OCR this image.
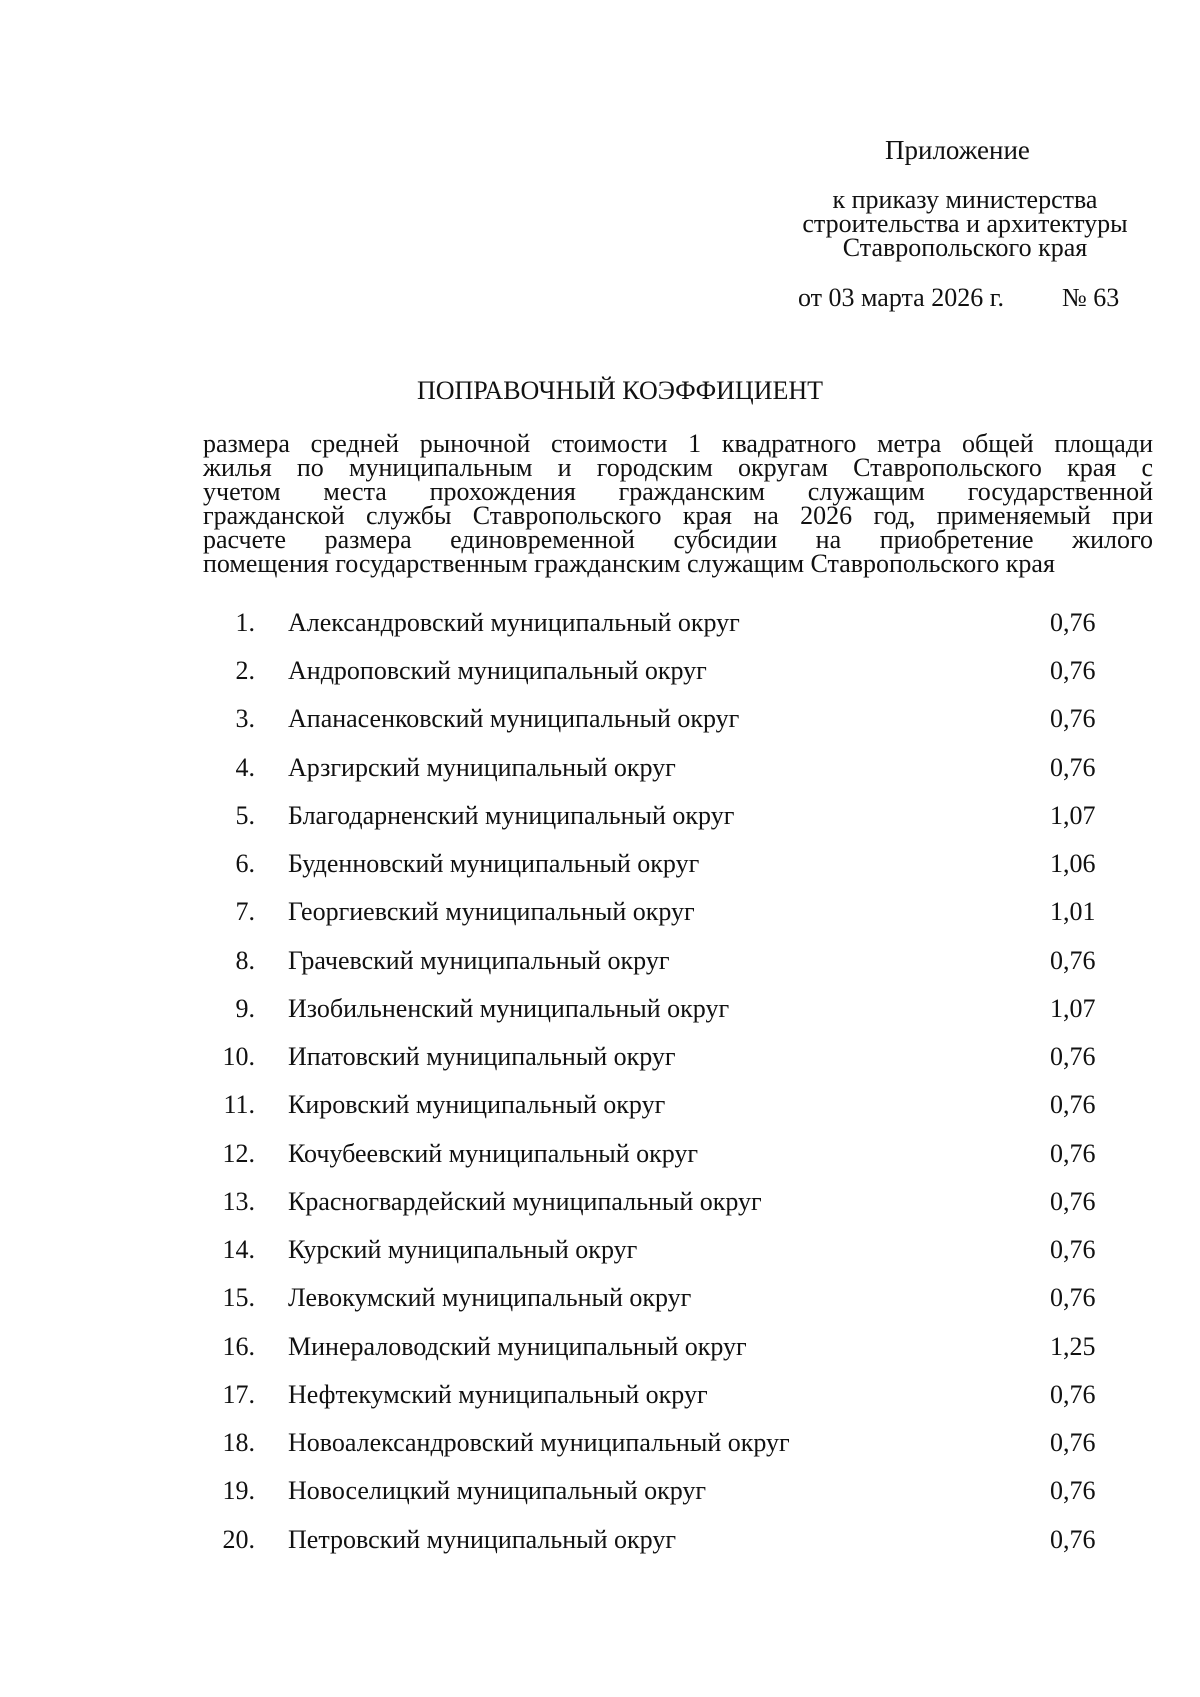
Приложение
к приказу министерства
строительства и архитектуры
Ставропольского края
от 03 марта 2026 г. № 63
ПОПРАВОЧНЫЙ КОЭФФИЦИЕНТ
размера средней рыночной стоимости 1 квадратного метра общей площади
жилья по муниципальным и городским округам Ставропольского края с
учетом места прохождения гражданским служащим государственной
гражданской службы Ставропольского края на 2026 год, применяемый при
расчете размера единовременной субсидии на приобретение жилого
помещения государственным гражданским служащим Ставропольского края
1. Александровский муниципальный округ	0,76
2. Андроповский муниципальный округ	0,76
3. Апанасенковский муниципальный округ	0,76
4. Арзгирский муниципальный округ	0,76
5. Благодарненский муниципальный округ	1,07
6. Буденновский муниципальный округ	1,06
7. Георгиевский муниципальный округ	1,01
8. Грачевский муниципальный округ	0,76
9. Изобильненский муниципальный округ	1,07
10. Ипатовский муниципальный округ	0,76
11. Кировский муниципальный округ	0,76
12. Кочубеевский муниципальный округ	0,76
13. Красногвардейский муниципальный округ	0,76
14. Курский муниципальный округ	0,76
15. Левокумский муниципальный округ	0,76
16. Минераловодский муниципальный округ	1,25
17. Нефтекумский муниципальный округ	0,76
18. Новоалександровский муниципальный округ	0,76
19. Новоселицкий муниципальный округ	0,76
20. Петровский муниципальный округ	0,76
